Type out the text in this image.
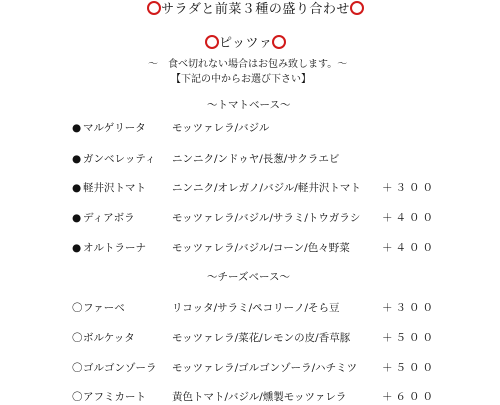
サラダと前菜３種の盛り合わせ
ピッツァ
～　食べ切れない場合はお包み致します。～
【下記の中からお選び下さい】
～トマトベース～
● マルゲリータ モッツァレラ/バジル
● ガンベレッティ ニンニク/ンドゥヤ/長葱/サクラエビ
● 軽井沢トマト ニンニク/オレガノ/バジル/軽井沢トマト ＋３００
● ディアボラ	モッツァレラ/バジル/サラミ/トウガラシ ＋４００
● オルトラーナ モッツァレラ/バジル/コーン/色々野菜	＋４００
～チーズベース～
〇ファーベ	リコッタ/サラミ/ペコリーノ/そら豆	＋３００
〇ボルケッタ	モッツァレラ/菜花/レモンの皮/香草豚	＋５００
〇ゴルゴンゾーラ モッツァレラ/ゴルゴンゾーラ/ハチミツ ＋５００
〇アフミカート 黄色トマト/バジル/燻製モッツァレラ	＋６００
